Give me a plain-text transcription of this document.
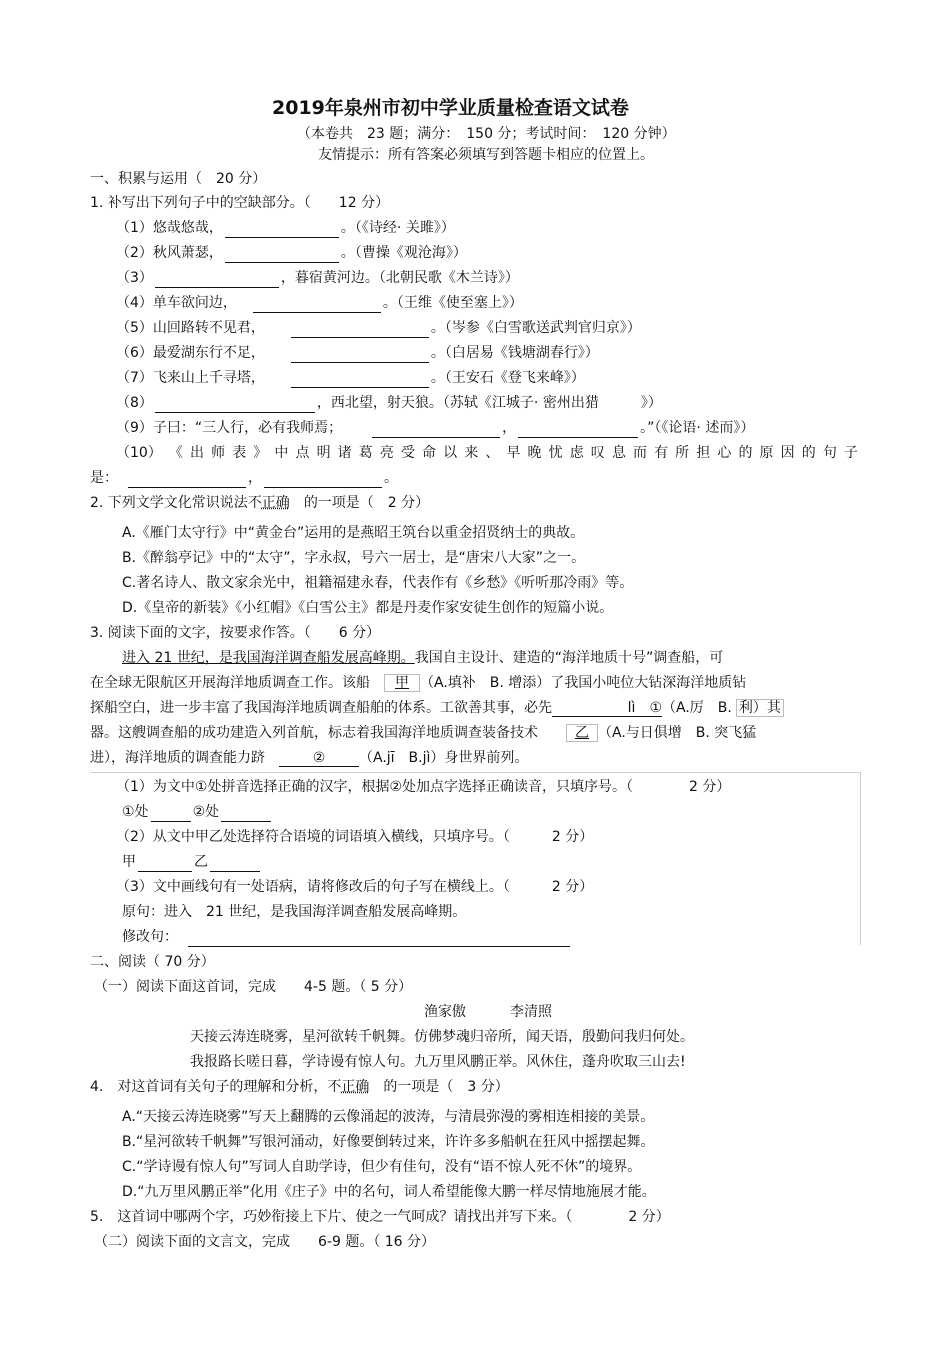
2019年泉州市初中学业质量检查语文试卷
（本卷共　23 题；满分：　150 分；考试时间：　120 分钟）
友情提示：所有答案必须填写到答题卡相应的位置上。
一、积累与运用（　20 分）
1. 补写出下列句子中的空缺部分。（　　12 分）
（1）悠哉悠哉，	。（《诗经· 关雎》）
（2）秋风萧瑟，	。（曹操《观沧海》）
（3）	，暮宿黄河边。（北朝民歌《木兰诗》）
（4）单车欲问边，	。（王维《使至塞上》）
（5）山回路转不见君，	。（岑参《白雪歌送武判官归京》）
（6）最爱湖东行不足，	。（白居易《钱塘湖春行》）
（7）飞来山上千寻塔，	。（王安石《登飞来峰》）
（8）	，西北望，射天狼。（苏轼《江城子· 密州出猎　　　》）
（9）子曰：“三人行，必有我师焉；	，	。”（《论语· 述而》）
（10） 《 出 师 表 》 中 点 明 诸 葛 亮 受 命 以 来 、 早 晚 忧 虑 叹 息 而 有 所 担 心 的 原 因 的 句 子
是：	，	。
2. 下列文学文化常识说法不正确　 的一项是（　2 分）
A.《雁门太守行》中“黄金台”运用的是燕昭王筑台以重金招贤纳士的典故。
B.《醉翁亭记》中的“太守”，字永叔，号六一居士，是“唐宋八大家”之一。
C.著名诗人、散文家余光中，祖籍福建永春，代表作有《乡愁》《听听那冷雨》等。
D.《皇帝的新装》《小红帽》《白雪公主》都是丹麦作家安徒生创作的短篇小说。
3. 阅读下面的文字，按要求作答。（　　6 分）
进入 21 世纪，是我国海洋调查船发展高峰期。我国自主设计、建造的“海洋地质十号”调查船，可
在全球无限航区开展海洋地质调查工作。该船　 甲 （A.填补　B. 增添）了我国小吨位大钻深海洋地质钻
探船空白，进一步丰富了我国海洋地质调查船舶的体系。工欲善其事，必先	lì　 ①　（A.厉　B. 利）其
器。这艘调查船的成功建造入列首航，标志着我国海洋地质调查装备技术　	乙 （A.与日俱增　B. 突飞猛
进），海洋地质的调查能力跻	② （A.jī　B.jì）身世界前列。
（1）为文中①处拼音选择正确的汉字，根据②处加点字选择正确读音，只填序号。（　　　　2 分）
①处	②处
（2）从文中甲乙处选择符合语境的词语填入横线，只填序号。（　　　2 分）
甲	乙
（3）文中画线句有一处语病，请将修改后的句子写在横线上。（　　　2 分）
原句：进入　21 世纪，是我国海洋调查船发展高峰期。
修改句：
二、阅读（ 70 分）
（一）阅读下面这首词，完成　　4-5 题。（ 5 分）
渔家傲	李清照
天接云涛连晓雾，星河欲转千帆舞。仿佛梦魂归帝所，闻天语，殷勤问我归何处。
我报路长嗟日暮，学诗谩有惊人句。九万里风鹏正举。风休住，蓬舟吹取三山去!
4.　对这首词有关句子的理解和分析，不正确　 的一项是（　3 分）
A.“天接云涛连晓雾”写天上翻腾的云像涌起的波涛，与清晨弥漫的雾相连相接的美景。
B.“星河欲转千帆舞”写银河涌动，好像要倒转过来，许许多多船帆在狂风中摇摆起舞。
C.“学诗谩有惊人句”写词人自助学诗，但少有佳句，没有“语不惊人死不休”的境界。
D.“九万里风鹏正举”化用《庄子》中的名句，词人希望能像大鹏一样尽情地施展才能。
5.　这首词中哪两个字，巧妙衔接上下片、使之一气呵成？请找出并写下来。（　　　　2 分）
（二）阅读下面的文言文，完成　　6-9 题。（ 16 分）
